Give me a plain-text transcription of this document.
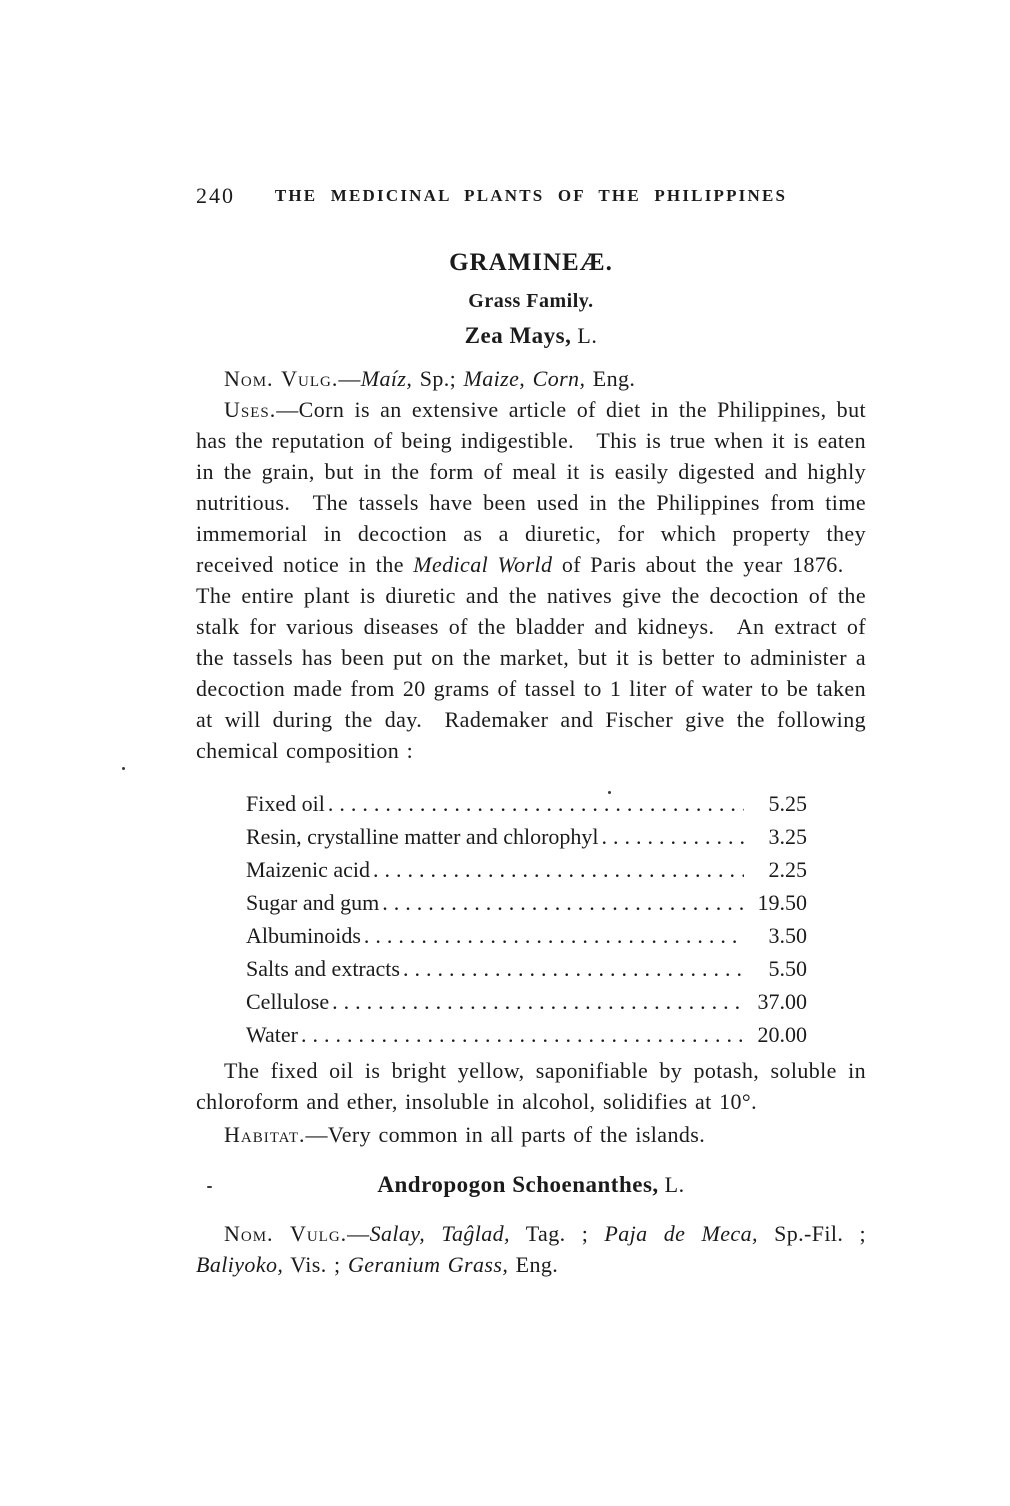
240	THE MEDICINAL PLANTS OF THE PHILIPPINES
GRAMINEÆ.
Grass Family.
Zea Mays, L.

Nom. Vulg.—Maíz, Sp.; Maize, Corn, Eng.

Uses.—Corn is an extensive article of diet in the Philippines, but has the reputation of being indigestible. This is true when it is eaten in the grain, but in the form of meal it is easily digested and highly nutritious. The tassels have been used in the Philippines from time immemorial in decoction as a diuretic, for which property they received notice in the Medical World of Paris about the year 1876. The entire plant is diuretic and the natives give the decoction of the stalk for various diseases of the bladder and kidneys. An extract of the tassels has been put on the market, but it is better to administer a decoction made from 20 grams of tassel to 1 liter of water to be taken at will during the day. Rademaker and Fischer give the following chemical composition :

Fixed oil .....	5.25
Resin, crystalline matter and chlorophyl .....	3.25
Maizenic acid .....	2.25
Sugar and gum .....	19.50
Albuminoids .....	3.50
Salts and extracts .....	5.50
Cellulose .....	37.00
Water .....	20.00

The fixed oil is bright yellow, saponifiable by potash, soluble in chloroform and ether, insoluble in alcohol, solidifies at 10°.

Habitat.—Very common in all parts of the islands.

Andropogon Schoenanthes, L.

Nom. Vulg.—Salay, Taĝlad, Tag. ; Paja de Meca, Sp.-Fil. ; Baliyoko, Vis. ; Geranium Grass, Eng.
